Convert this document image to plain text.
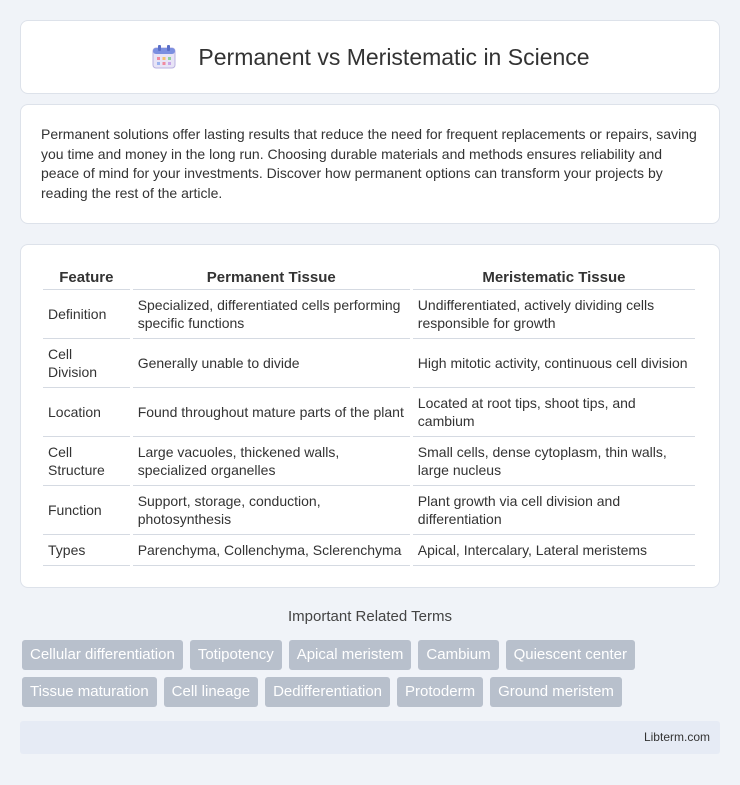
Permanent vs Meristematic in Science

Permanent solutions offer lasting results that reduce the need for frequent replacements or repairs, saving you time and money in the long run. Choosing durable materials and methods ensures reliability and peace of mind for your investments. Discover how permanent options can transform your projects by reading the rest of the article.

Feature	Permanent Tissue	Meristematic Tissue
Definition	Specialized, differentiated cells performing specific functions	Undifferentiated, actively dividing cells responsible for growth
Cell Division	Generally unable to divide	High mitotic activity, continuous cell division
Location	Found throughout mature parts of the plant	Located at root tips, shoot tips, and cambium
Cell Structure	Large vacuoles, thickened walls, specialized organelles	Small cells, dense cytoplasm, thin walls, large nucleus
Function	Support, storage, conduction, photosynthesis	Plant growth via cell division and differentiation
Types	Parenchyma, Collenchyma, Sclerenchyma	Apical, Intercalary, Lateral meristems
Important Related Terms
Cellular differentiation	Totipotency	Apical meristem	Cambium	Quiescent center
Tissue maturation	Cell lineage	Dedifferentiation	Protoderm	Ground meristem
Libterm.com
